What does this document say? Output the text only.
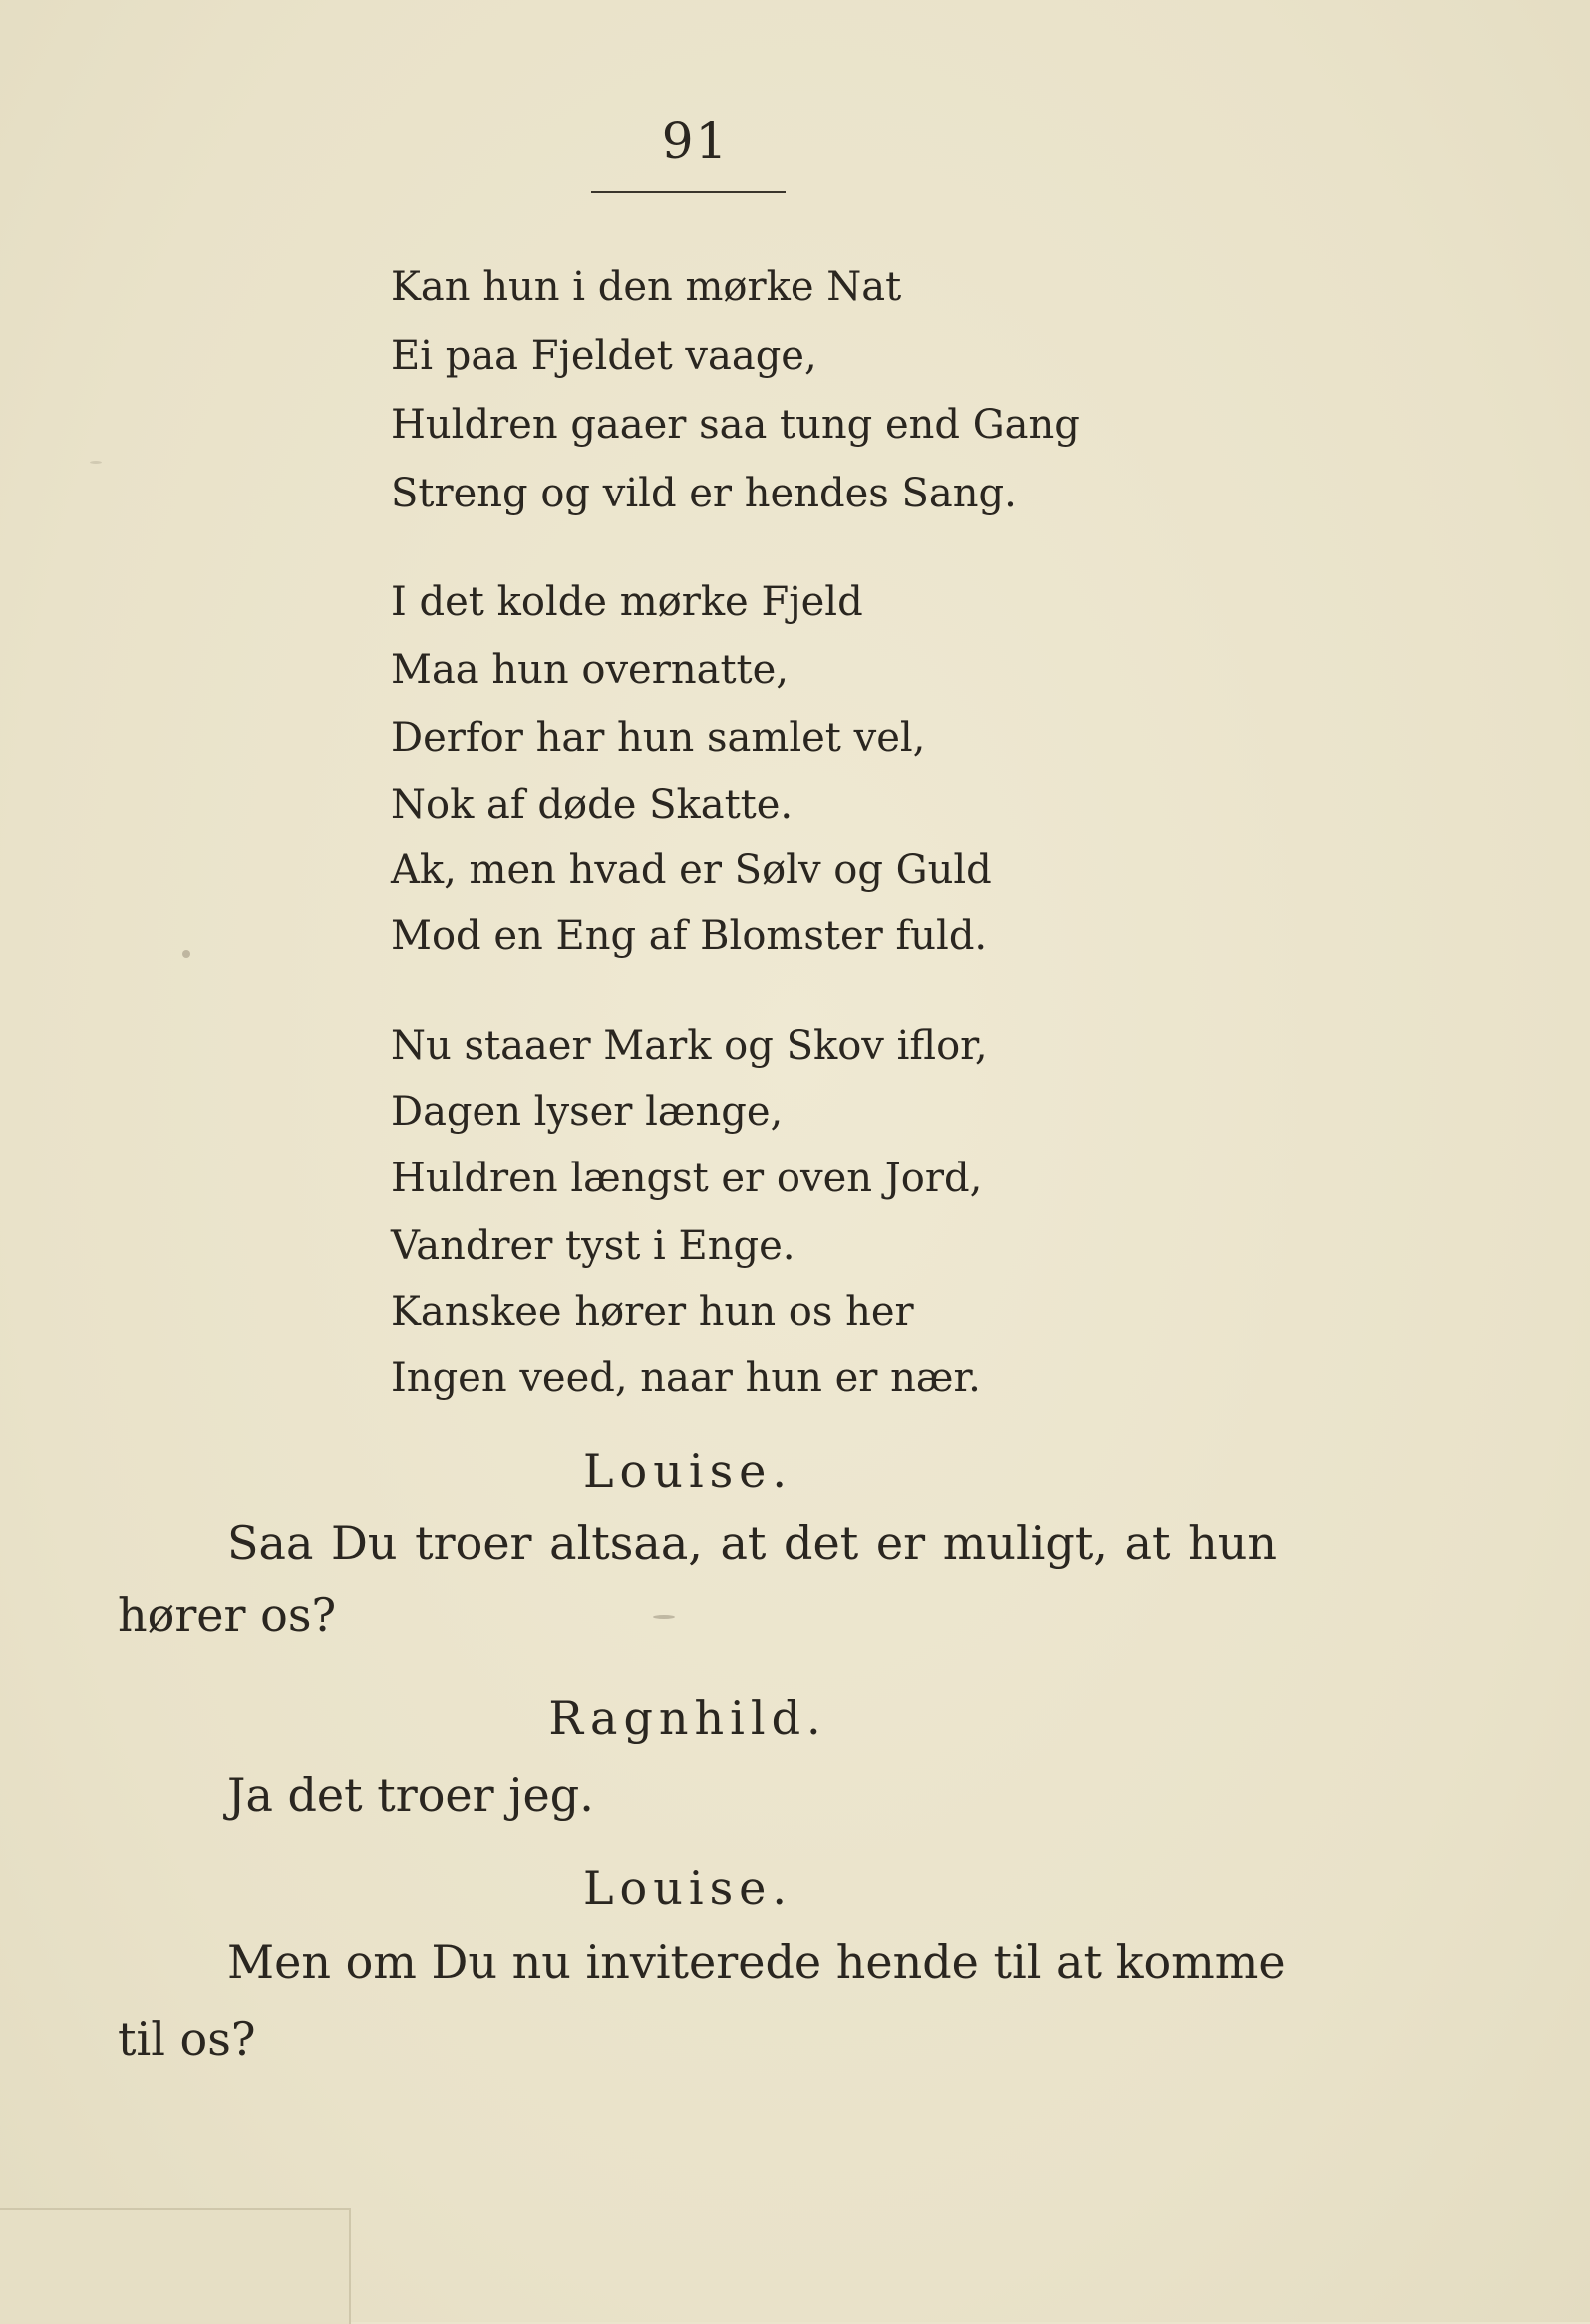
91
Kan hun i den mørke Nat
Ei paa Fjeldet vaage,
Huldren gaaer saa tung end Gang
Streng og vild er hendes Sang.
I det kolde mørke Fjeld
Maa hun overnatte,
Derfor har hun samlet vel,
Nok af døde Skatte.
Ak, men hvad er Sølv og Guld
Mod en Eng af Blomster fuld.
Nu staaer Mark og Skov iflor,
Dagen lyser længe,
Huldren længst er oven Jord,
Vandrer tyst i Enge.
Kanskee hører hun os her
Ingen veed, naar hun er nær.
Louise.
Saa Du troer altsaa, at det er muligt, at hun
hører os?
Ragnhild.
Ja det troer jeg.
Louise.
Men om Du nu inviterede hende til at komme
til os?
